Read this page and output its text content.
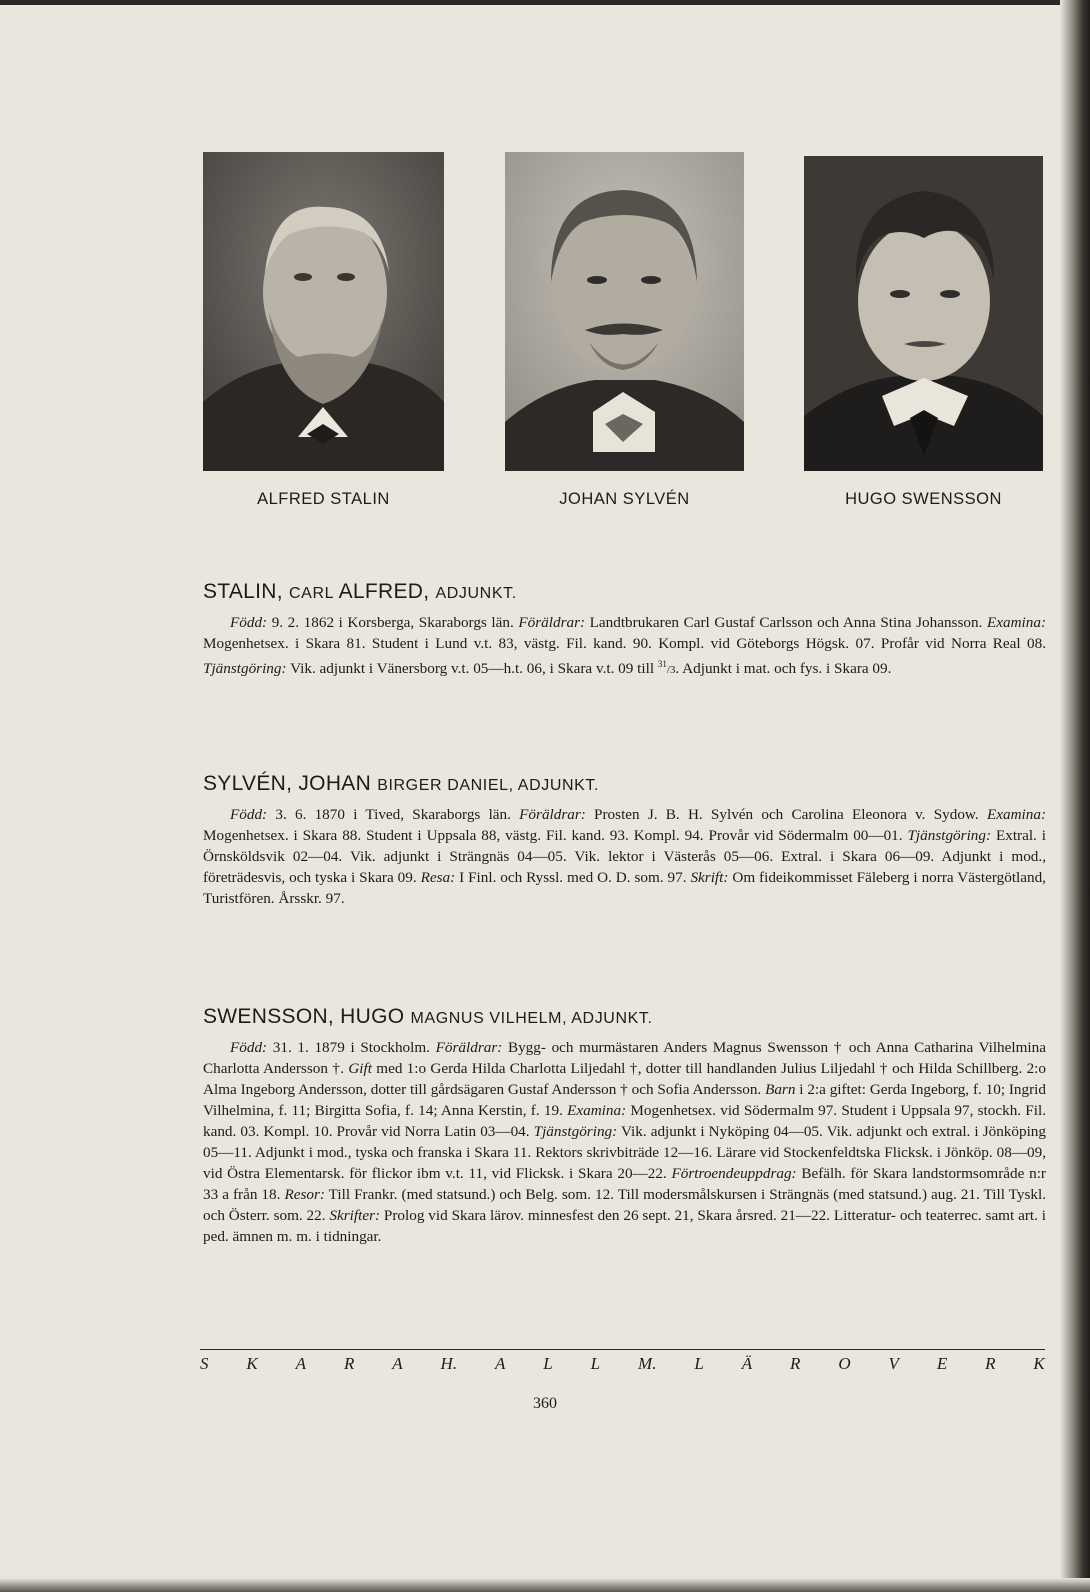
ALFRED STALIN	JOHAN SYLVÉN	HUGO SWENSSON
STALIN, CARL ALFRED, ADJUNKT.

Född: 9. 2. 1862 i Korsberga, Skaraborgs län. Föräldrar: Landtbrukaren Carl Gustaf Carlsson och Anna Stina Johansson. Examina: Mogenhetsex. i Skara 81. Student i Lund v.t. 83, västg. Fil. kand. 90. Kompl. vid Göteborgs Högsk. 07. Profår vid Norra Real 08. Tjänstgöring: Vik. adjunkt i Vänersborg v.t. 05—h.t. 06, i Skara v.t. 09 till $^{31}$/3. Adjunkt i mat. och fys. i Skara 09.

SYLVÉN, JOHAN BIRGER DANIEL, ADJUNKT.

Född: 3. 6. 1870 i Tived, Skaraborgs län. Föräldrar: Prosten J. B. H. Sylvén och Carolina Eleonora v. Sydow. Examina: Mogenhetsex. i Skara 88. Student i Uppsala 88, västg. Fil. kand. 93. Kompl. 94. Provår vid Södermalm 00—01. Tjänstgöring: Extral. i Örnsköldsvik 02—04. Vik. adjunkt i Strängnäs 04—05. Vik. lektor i Västerås 05—06. Extral. i Skara 06—09. Adjunkt i mod., företrädesvis, och tyska i Skara 09. Resa: I Finl. och Ryssl. med O. D. som. 97. Skrift: Om fideikommisset Fäleberg i norra Västergötland, Turistfören. Årsskr. 97.

SWENSSON, HUGO MAGNUS VILHELM, ADJUNKT.

Född: 31. 1. 1879 i Stockholm. Föräldrar: Bygg- och murmästaren Anders Magnus Swensson † och Anna Catharina Vilhelmina Charlotta Andersson †. Gift med 1:o Gerda Hilda Charlotta Liljedahl †, dotter till handlanden Julius Liljedahl † och Hilda Schillberg. 2:o Alma Ingeborg Andersson, dotter till gårdsägaren Gustaf Andersson † och Sofia Andersson. Barn i 2:a giftet: Gerda Ingeborg, f. 10; Ingrid Vilhelmina, f. 11; Birgitta Sofia, f. 14; Anna Kerstin, f. 19. Examina: Mogenhetsex. vid Södermalm 97. Student i Uppsala 97, stockh. Fil. kand. 03. Kompl. 10. Provår vid Norra Latin 03—04. Tjänstgöring: Vik. adjunkt i Nyköping 04—05. Vik. adjunkt och extral. i Jönköping 05—11. Adjunkt i mod., tyska och franska i Skara 11. Rektors skrivbiträde 12—16. Lärare vid Stockenfeldtska Flicksk. i Jönköp. 08—09, vid Östra Elementarsk. för flickor ibm v.t. 11, vid Flicksk. i Skara 20—22. Förtroendeuppdrag: Befälh. för Skara landstormsområde n:r 33 a från 18. Resor: Till Frankr. (med statsund.) och Belg. som. 12. Till modersmålskursen i Strängnäs (med statsund.) aug. 21. Till Tyskl. och Österr. som. 22. Skrifter: Prolog vid Skara lärov. minnesfest den 26 sept. 21, Skara årsred. 21—22. Litteratur- och teaterrec. samt art. i ped. ämnen m. m. i tidningar.

S K A R A H. A L L M. L Ä R O V E R K
360
